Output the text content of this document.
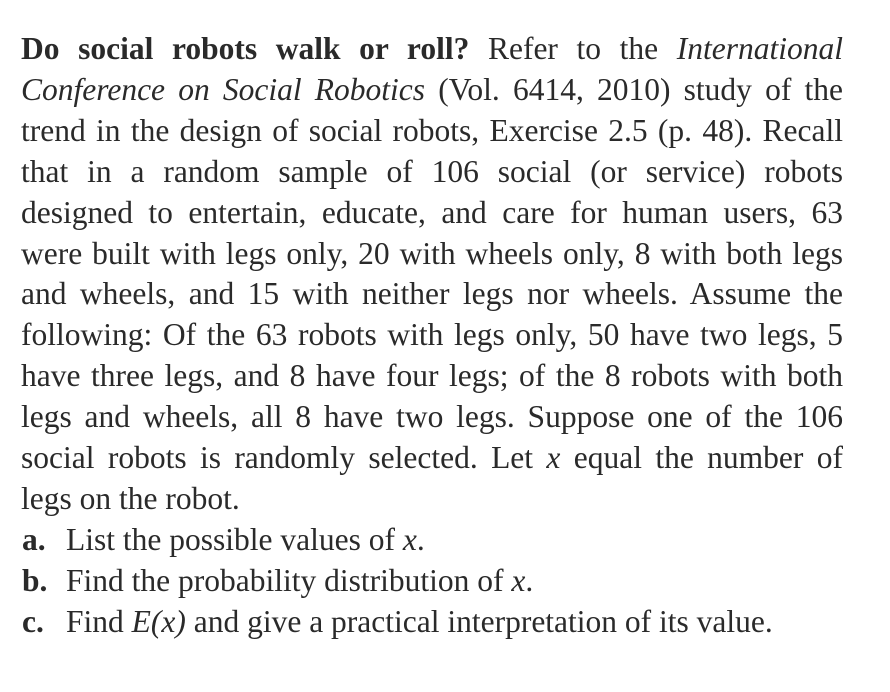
Do social robots walk or roll? Refer to the International Conference on Social Robotics (Vol. 6414, 2010) study of the trend in the design of social robots, Exercise 2.5 (p. 48). Recall that in a random sample of 106 social (or service) robots designed to entertain, educate, and care for human users, 63 were built with legs only, 20 with wheels only, 8 with both legs and wheels, and 15 with neither legs nor wheels. Assume the following: Of the 63 robots with legs only, 50 have two legs, 5 have three legs, and 8 have four legs; of the 8 robots with both legs and wheels, all 8 have two legs. Suppose one of the 106 social robots is randomly selected. Let x equal the number of legs on the robot.

a. List the possible values of x.
b. Find the probability distribution of x.
c. Find E(x) and give a practical interpretation of its value.
